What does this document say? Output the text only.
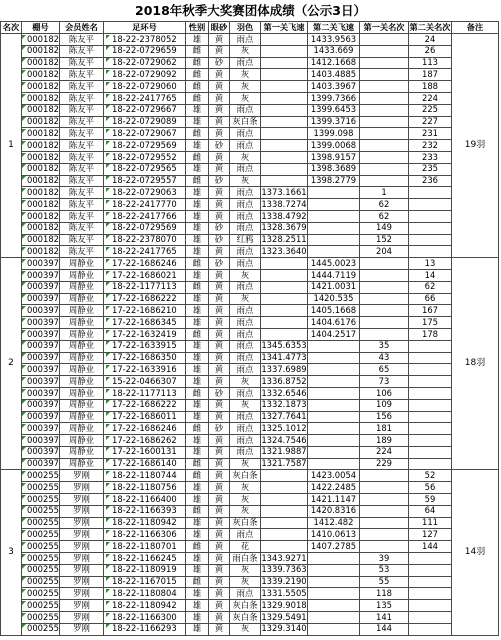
2018年秋季大奖赛团体成绩（公示3日）
名次	棚号	会员姓名	足环号	性别	眼砂	羽色	第一关飞速	第二关飞速	第一关名次	第二关名次	备注
1	000182	陈友平	18-22-2378052	雄	黄	雨点		1433.9563		24	19羽
	000182	陈友平	18-22-0729659	雌	黄	灰		1433.669		26	
	000182	陈友平	18-22-0729062	雌	砂	雨点		1412.1668		113	
	000182	陈友平	18-22-0729092	雌	黄	灰		1403.4885		187	
	000182	陈友平	18-22-0729060	雌	黄	灰		1403.3967		188	
	000182	陈友平	18-22-2417765	雌	黄	灰		1399.7366		224	
	000182	陈友平	18-22-0729667	雄	黄	雨点		1399.6453		225	
	000182	陈友平	18-22-0729089	雄	黄	灰白条		1399.3716		227	
	000182	陈友平	18-22-0729067	雌	黄	雨点		1399.098		231	
	000182	陈友平	18-22-0729569	雄	砂	雨点		1399.0068		232	
	000182	陈友平	18-22-0729552	雌	黄	灰		1398.9157		233	
	000182	陈友平	18-22-0729565	雄	黄	雨点		1398.3689		235	
	000182	陈友平	18-22-0729557	雌	砂	灰		1398.2779		236	
	000182	陈友平	18-22-0729063	雄	黄	雨点	1373.1661		1		
	000182	陈友平	18-22-2417770	雄	黄	雨点	1338.7274		62		
	000182	陈友平	18-22-2417766	雄	黄	雨点	1338.4792		62		
	000182	陈友平	18-22-0729569	雄	砂	雨点	1328.3679		149		
	000182	陈友平	18-22-2378070	雄	砂	红鸦	1328.2511		152		
	000182	陈友平	18-22-2417765	雄	黄	雨点	1323.3640		204		
2	000397	周静业	17-22-1686246	雌	砂	雨点		1445.0023		13	18羽
	000397	周静业	17-22-1686021	雄	黄	灰		1444.7119		14	
	000397	周静业	18-22-1177113	雌	黄	雨点		1421.0031		62	
	000397	周静业	17-22-1686222	雄	黄	灰		1420.535		66	
	000397	周静业	17-22-1686210	雄	黄	雨点		1405.1668		167	
	000397	周静业	17-22-1686345	雄	黄	雨点		1404.6176		175	
	000397	周静业	17-22-1632419	雌	黄	雨点		1404.2517		178	
	000397	周静业	17-22-1633915	雄	黄	雨点	1345.6353		35		
	000397	周静业	17-22-1686350	雄	黄	雨点	1341.4773		43		
	000397	周静业	17-22-1633916	雄	黄	雨点	1337.6989		65		
	000397	周静业	15-22-0466307	雄	黄	灰	1336.8752		73		
	000397	周静业	18-22-1177113	雌	砂	雨点	1332.6546		106		
	000397	周静业	17-22-1686222	雄	黄	灰	1332.1873		109		
	000397	周静业	17-22-1686011	雄	黄	雨点	1327.7641		156		
	000397	周静业	17-22-1686246	雌	砂	雨点	1325.1012		181		
	000397	周静业	17-22-1686262	雄	黄	雨点	1324.7546		189		
	000397	周静业	17-22-1600131	雄	黄	雨点	1321.9887		224		
	000397	周静业	17-22-1686140	雌	黄	灰	1321.7587		229		
3	000255	罗刚	18-22-1180744	雌	黄	灰白条		1423.0054		52	14羽
	000255	罗刚	18-22-1180756	雄	黄	灰		1422.2485		56	
	000255	罗刚	18-22-1166400	雄	黄	灰		1421.1147		59	
	000255	罗刚	18-22-1166393	雌	黄	灰		1420.8316		64	
	000255	罗刚	18-22-1180942	雄	黄	灰白条		1412.482		111	
	000255	罗刚	18-22-1166306	雄	黄	雨点		1410.0613		127	
	000255	罗刚	18-22-1180701	雌	黄	花		1407.2785		144	
	000255	罗刚	18-22-1166245	雄	黄	雨白条	1343.9271		39		
	000255	罗刚	18-22-1180919	雄	黄	灰	1339.7363		53		
	000255	罗刚	18-22-1167015	雌	黄	灰	1339.2190		55		
	000255	罗刚	18-22-1180804	雄	黄	雨点	1331.5505		118		
	000255	罗刚	18-22-1180942	雄	黄	灰白条	1329.9018		135		
	000255	罗刚	18-22-1166300	雄	黄	灰白条	1329.5491		141		
	000255	罗刚	18-22-1166293	雄	黄	灰	1329.3140		144		
